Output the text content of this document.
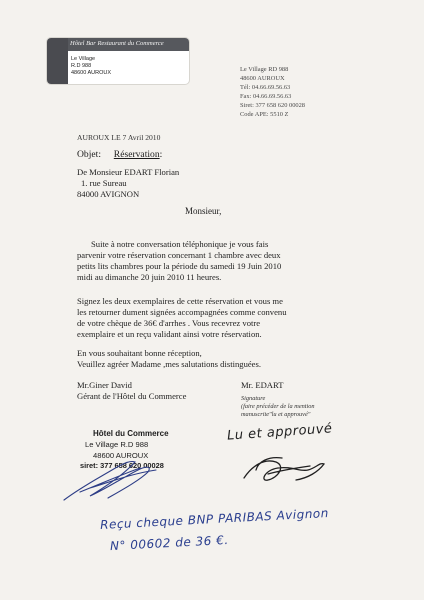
Hôtel Bar Restaurant du Commerce
Le Village
R.D 988
48600 AUROUX	Le Village RD 988
48600 AUROUX
Tél: 04.66.69.56.63
Fax: 04.66.69.56.63
Siret: 377 658 620 00028
Code APE: 5510 Z
AUROUX LE 7 Avril 2010
Objet: Réservation:
De Monsieur EDART Florian
1. rue Sureau
84000 AVIGNON
Monsieur,
Suite à notre conversation téléphonique je vous fais
parvenir votre réservation concernant 1 chambre avec deux
petits lits chambres pour la période du samedi 19 Juin 2010
midi au dimanche 20 juin 2010 11 heures.
Signez les deux exemplaires de cette réservation et vous me
les retourner dument signées accompagnées comme convenu
de votre chèque de 36€ d'arrhes . Vous recevrez votre
exemplaire et un reçu validant ainsi votre réservation.
En vous souhaitant bonne réception,
Veuillez agréer Madame ,mes salutations distinguées.
Mr.Giner David
Gérant de l'Hôtel du Commerce
Mr. EDART
Signature
(faire précéder de la mention
manuscrite"lu et approuvé"
Hôtel du Commerce
Le Village R.D 988
48600 AUROUX
siret: 377 658 620 00028
Lu et approuvé
Reçu cheque BNP PARIBAS Avignon
N° 00602 de 36 €.
